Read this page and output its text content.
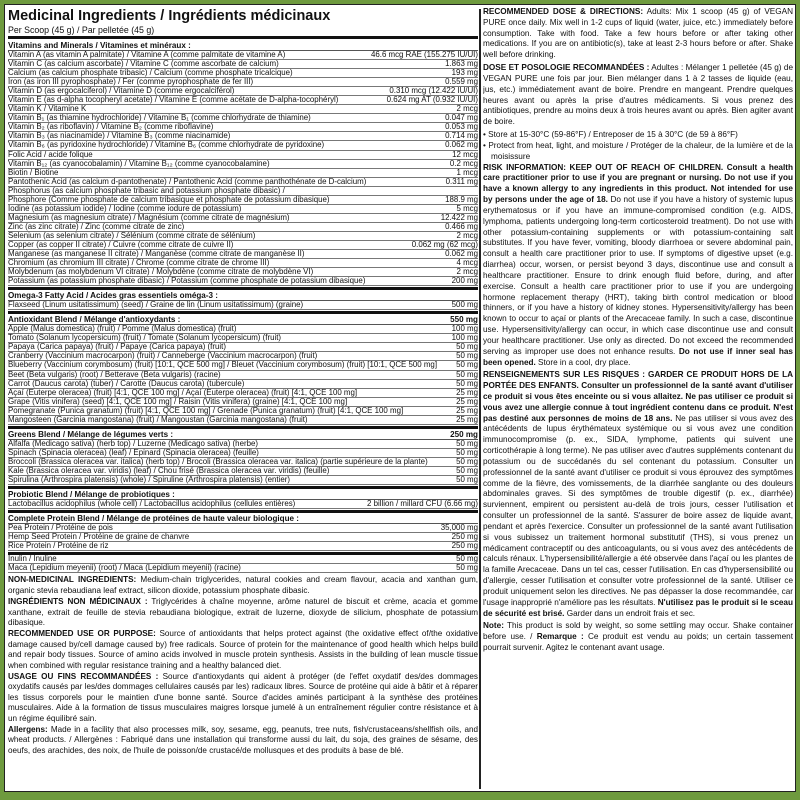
Medicinal Ingredients / Ingrédients médicinaux
Per Scoop (45 g) / Par pelletée (45 g)
Vitamins and Minerals / Vitamines et minéraux :
Vitamin A (as vitamin A palmitate) / Vitamine A (comme palmitate de vitamine A)	46.6 mcg RAE (155.275 IU/UI)
Vitamin C (as calcium ascorbate) / Vitamine C (comme ascorbate de calcium)	1.863 mg
Calcium (as calcium phosphate tribasic) / Calcium (comme phosphate tricalcique)	193 mg
Iron (as iron III pyrophosphate) / Fer (comme pyrophosphate de fer III)	0.559 mg
Vitamin D (as ergocalciferol) / Vitamine D (comme ergocalciférol)	0.310 mcg (12.422 IU/UI)
Vitamin E (as d-alpha tocopheryl acetate) / Vitamine E (comme acétate de D-alpha-tocophéryl)	0.624 mg AT (0.932 IU/UI)
Vitamin K / Vitamine K	2 mcg
Vitamin B₁ (as thiamine hydrochloride) / Vitamine B₁ (comme chlorhydrate de thiamine)	0.047 mg
Vitamin B₂ (as riboflavin) / Vitamine B₂ (comme riboflavine)	0.053 mg
Vitamin B₃ (as niacinamide) / Vitamine B₃ (comme niacinamide)	0.714 mg
Vitamin B₆ (as pyridoxine hydrochloride) / Vitamine B₆ (comme chlorhydrate de pyridoxine)	0.062 mg
Folic Acid / acide folique	12 mcg
Vitamin B₁₂ (as cyanocobalamin) / Vitamine B₁₂ (comme cyanocobalamine)	0.2 mcg
Biotin / Biotine	1 mcg
Pantothenic Acid (as calcium d-pantothenate) / Pantothenic Acid (comme panthothénate de D-calcium)	0.311 mg
Phosphorus (as calcium phosphate tribasic and potassium phosphate dibasic) /
Phosphore (Comme phosphate de calcium tribasique et phosphate de potassium dibasique)	188.9 mg
Iodine (as potassium iodide) / Iodine (comme iodure de potassium)	5 mcg
Magnesium (as magnesium citrate) / Magnésium (comme citrate de magnésium)	12.422 mg
Zinc (as zinc citrate) / Zinc (comme citrate de zinc)	0.466 mg
Selenium (as selenium citrate) / Sélénium (comme citrate de sélénium)	2 mcg
Copper (as copper II citrate) / Cuivre (comme citrate de cuivre II)	0.062 mg (62 mcg)
Manganese (as manganese II citrate) / Manganèse (comme citrate de manganèse II)	0.062 mg
Chromium (as chromium III citrate) / Chrome (comme citrate de chrome III)	4 mcg
Molybdenum (as molybdenum VI citrate) / Molybdène (comme citrate de molybdène VI)	2 mcg
Potassium (as potassium phosphate dibasic) / Potassium (comme phosphate de potassium dibasique)	200 mg
Omega-3 Fatty Acid / Acides gras essentiels oméga-3 :
Flaxseed (Linum usitatissimum) (seed) / Graine de lin (Linum usitatissimum) (graine)	500 mg
Antioxidant Blend / Mélange d'antioxydants :	550 mg
Apple (Malus domestica) (fruit) / Pomme (Malus domestica) (fruit)	100 mg
Tomato (Solanum lycopersicum) (fruit) / Tomate (Solanum lycopersicum) (fruit)	100 mg
Papaya (Carica papaya) (fruit) / Papaye (Carica papaya) (fruit)	50 mg
Cranberry (Vaccinium macrocarpon) (fruit) / Canneberge (Vaccinium macrocarpon) (fruit)	50 mg
Blueberry (Vaccinium corymbosum) (fruit) [10:1, QCE 500 mg] / Bleuet (Vaccinium corymbosum) (fruit) [10:1, QCE 500 mg]	50 mg
Beet (Beta vulgaris) (root) / Betterave (Beta vulgaris) (racine)	50 mg
Carrot (Daucus carota) (tuber) / Carotte (Daucus carota) (tubercule)	50 mg
Açaí (Euterpe oleracea) (fruit) [4:1, QCE 100 mg] / Açaí (Euterpe oleracea) (fruit) [4:1, QCE 100 mg]	25 mg
Grape (Vitis vinifera) (seed) [4:1, QCE 100 mg] / Raisin (Vitis vinifera) (graine) [4:1, QCE 100 mg]	25 mg
Pomegranate (Punica granatum) (fruit) [4:1, QCE 100 mg] / Grenade (Punica granatum) (fruit) [4:1, QCE 100 mg]	25 mg
Mangosteen (Garcinia mangostana) (fruit) / Mangoustan (Garcinia mangostana) (fruit)	25 mg
Greens Blend / Mélange de légumes verts :	250 mg
Alfalfa (Medicago sativa) (herb top) / Luzerne (Medicago sativa) (herbe)	50 mg
Spinach (Spinacia oleracea) (leaf) / Épinard (Spinacia oleracea) (feuille)	50 mg
Broccoli (Brassica oleracea var. italica) (herb top) / Brocoli (Brassica oleracea var. italica) (partie supérieure de la plante)	50 mg
Kale (Brassica oleracea var. viridis) (leaf) / Chou frisé (Brassica oleracea var. viridis) (feuille)	50 mg
Spirulina (Arthrospira platensis) (whole) / Spiruline (Arthrospira platensis) (entier)	50 mg
Probiotic Blend / Mélange de probiotiques :
Lactobacillus acidophilus (whole cell) / Lactobacillus acidophilus (cellules entières)	2 billion / millard CFU (6.66 mg)
Complete Protein Blend / Mélange de protéines de haute valeur biologique :
Pea Protein / Protéine de pois	35,000 mg
Hemp Seed Protein / Protéine de graine de chanvre	250 mg
Rice Protein / Protéine de riz	250 mg
Inulin / Inuline	50 mg
Maca (Lepidium meyenii) (root) / Maca (Lepidium meyenii) (racine)	50 mg

NON-MEDICINAL INGREDIENTS: Medium-chain triglycerides, natural cookies and cream flavour, acacia and xanthan gum, organic stevia rebaudiana leaf extract, silicon dioxide, potassium phosphate dibasic.

INGRÉDIENTS NON MÉDICINAUX : Triglycérides à chaîne moyenne, arôme naturel de biscuit et crème, acacia et gomme xanthane, extrait de feuille de stevia rebaudiana biologique, extrait de luzerne, dioxyde de silicium, phosphate de potassium dibasique.

RECOMMENDED USE OR PURPOSE: Source of antioxidants that helps protect against (the oxidative effect of/the oxidative damage caused by/cell damage caused by) free radicals. Source of protein for the maintenance of good health which helps build and repair body tissues. Source of amino acids involved in muscle protein synthesis. Assists in the building of lean muscle tissue when combined with regular resistance training and a healthy balanced diet.

USAGE OU FINS RECOMMANDÉES : Source d'antioxydants qui aident à protéger (de l'effet oxydatif des/des dommages oxydatifs causés par les/des dommages cellulaires causés par les) radicaux libres. Source de protéine qui aide à bâtir et à réparer les tissus corporels pour le maintien d'une bonne santé. Source d'acides aminés participant à la synthèse des protéines musculaires. Aide à la formation de tissus musculaires maigres lorsque jumelé à un entraînement régulier contre résistance et à un régime équilibré sain.

Allergens: Made in a facility that also processes milk, soy, sesame, egg, peanuts, tree nuts, fish/crustaceans/shellfish oils, and wheat products. / Allergènes : Fabriqué dans une installation qui transforme aussi du lait, du soja, des graines de sésame, des oeufs, des arachides, des noix, de l'huile de poisson/de crustacé/de mollusques et des produits à base de blé.

RECOMMENDED DOSE & DIRECTIONS: Adults: Mix 1 scoop (45 g) of VEGAN PURE once daily. Mix well in 1-2 cups of liquid (water, juice, etc.) immediately before consumption. Take with food. Take a few hours before or after taking other medications. If you are on antibiotic(s), take at least 2-3 hours before or after. Shake well before drinking.

DOSE ET POSOLOGIE RECOMMANDÉES : Adultes : Mélanger 1 pelletée (45 g) de VEGAN PURE une fois par jour. Bien mélanger dans 1 à 2 tasses de liquide (eau, jus, etc.) immédiatement avant de boire. Prendre en mangeant. Prendre quelques heures avant ou après la prise d'autres médicaments. Si vous prenez des antibiotiques, prendre au moins deux à trois heures avant ou après. Bien agiter avant de boire.

• Store at 15-30°C (59-86°F) / Entreposer de 15 à 30°C (de 59 à 86°F)

• Protect from heat, light, and moisture / Protéger de la chaleur, de la lumière et de la moisissure

RISK INFORMATION: KEEP OUT OF REACH OF CHILDREN. Consult a health care practitioner prior to use if you are pregnant or nursing. Do not use if you have a known allergy to any ingredients in this product. Not intended for use by persons under the age of 18. Do not use if you have a history of systemic lupus erythematosus or if you have an immune-compromised condition (e.g. AIDS, lymphoma, patients undergoing long-term corticosteroid treatment). Do not use with other potassium-containing supplements or with potassium-containing salt substitutes. If you have fever, vomiting, bloody diarrhoea or severe abdominal pain, consult a health care practitioner prior to use. If symptoms of digestive upset (e.g. diarrhea) occur, worsen, or persist beyond 3 days, discontinue use and consult a healthcare practitioner. Ensure to drink enough fluid before, during, and after exercise. Consult a health care practitioner prior to use if you are undergoing hormone replacement therapy (HRT), taking birth control medication or blood thinners, or if you have a history of kidney stones. Hypersensitivity/allergy has been known to occur to açaí or plants of the Arecaceae family. In such a case, discontinue use. Hypersensitivity/allergy can occur, in which case discontinue use and consult your healthcare practitioner. Use only as directed. Do not exceed the recommended serving as improper use does not enhance results. Do not use if inner seal has been opened. Store in a cool, dry place.

RENSEIGNEMENTS SUR LES RISQUES : GARDER CE PRODUIT HORS DE LA PORTÉE DES ENFANTS. Consulter un professionnel de la santé avant d'utiliser ce produit si vous êtes enceinte ou si vous allaitez. Ne pas utiliser ce produit si vous avez une allergie connue à tout ingrédient contenu dans ce produit. N'est pas destiné aux personnes de moins de 18 ans. Ne pas utiliser si vous avez des antécédents de lupus érythémateux systémique ou si vous avez une condition immunocompromise (p. ex., SIDA, lymphome, patients qui suivent une corticothérapie à long terme). Ne pas utiliser avec d'autres suppléments contenant du potassium ou de succédanés du sel contenant du potassium. Consulter un professionnel de la santé avant d'utiliser ce produit si vous éprouvez des symptômes comme de la fièvre, des vomissements, de la diarrhée sanglante ou des douleurs abdominales graves. Si des symptômes de trouble digestif (p. ex., diarrhée) surviennent, empirent ou persistent au-delà de trois jours, cesser l'utilisation et consulter un professionnel de la santé. S'assurer de boire assez de liquide avant, pendant et après l'exercice. Consulter un professionnel de la santé avant l'utilisation si vous subissez un traitement hormonal substitutif (THS), si vous prenez un médicament contraceptif ou des anticoagulants, ou si vous avez des antécédents de calculs rénaux. L'hypersensibilité/allergie a été observée dans l'açaí ou les plantes de la famille Arecaceae. Dans un tel cas, cesser l'utilisation. En cas d'hypersensibilité ou d'allergie, cesser l'utilisation et consulter votre professionnel de la santé. Utiliser ce produit uniquement selon les directives. Ne pas dépasser la dose recommandée, car l'usage inapproprié n'améliore pas les résultats. N'utilisez pas le produit si le sceau de sécurité est brisé. Garder dans un endroit frais et sec.

Note: This product is sold by weight, so some settling may occur. Shake container before use. / Remarque : Ce produit est vendu au poids; un certain tassement pourrait survenir. Agitez le contenant avant usage.
